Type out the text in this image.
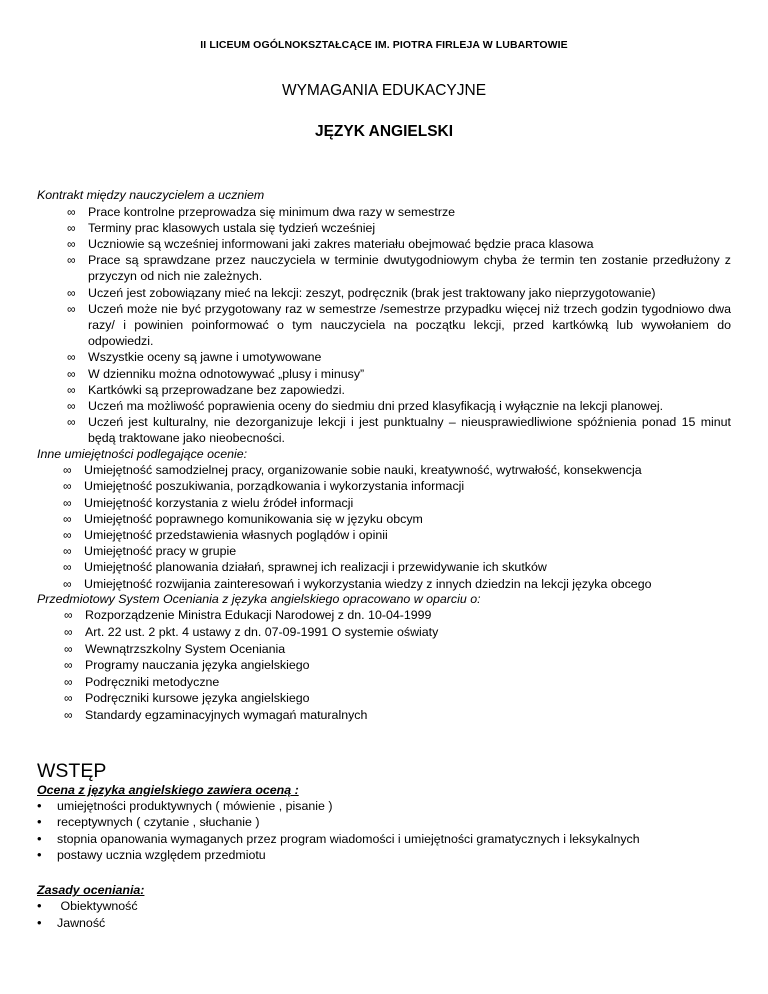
II LICEUM OGÓLNOKSZTAŁCĄCE IM. PIOTRA FIRLEJA W LUBARTOWIE
WYMAGANIA EDUKACYJNE
JĘZYK ANGIELSKI
Kontrakt między nauczycielem a uczniem
∞ Prace kontrolne przeprowadza się minimum dwa razy w semestrze
∞ Terminy prac klasowych ustala się tydzień wcześniej
∞ Uczniowie są wcześniej informowani jaki zakres materiału obejmować będzie praca klasowa
∞ Prace są sprawdzane przez nauczyciela w terminie dwutygodniowym chyba że termin ten zostanie przedłużony z przyczyn od nich nie zależnych.
∞ Uczeń jest zobowiązany mieć na lekcji: zeszyt, podręcznik (brak jest traktowany jako nieprzygotowanie)
∞ Uczeń może nie być przygotowany raz w semestrze /semestrze przypadku więcej niż trzech godzin tygodniowo dwa razy/ i powinien poinformować o tym nauczyciela na początku lekcji, przed kartkówką lub wywołaniem do odpowiedzi.
∞ Wszystkie oceny są jawne i umotywowane
∞ W dzienniku można odnotowywać „plusy i minusy”
∞ Kartkówki są przeprowadzane bez zapowiedzi.
∞ Uczeń ma możliwość poprawienia oceny do siedmiu dni przed klasyfikacją i wyłącznie na lekcji planowej.
∞ Uczeń jest kulturalny, nie dezorganizuje lekcji i jest punktualny – nieusprawiedliwione spóźnienia ponad 15 minut będą traktowane jako nieobecności.
Inne umiejętności podlegające ocenie:
∞ Umiejętność samodzielnej pracy, organizowanie sobie nauki, kreatywność, wytrwałość, konsekwencja
∞ Umiejętność poszukiwania, porządkowania i wykorzystania informacji
∞ Umiejętność korzystania z wielu źródeł informacji
∞ Umiejętność poprawnego komunikowania się w języku obcym
∞ Umiejętność przedstawienia własnych poglądów i opinii
∞ Umiejętność pracy w grupie
∞ Umiejętność planowania działań, sprawnej ich realizacji i przewidywanie ich skutków
∞ Umiejętność rozwijania zainteresowań i wykorzystania wiedzy z innych dziedzin na lekcji języka obcego
Przedmiotowy System Oceniania z języka angielskiego opracowano w oparciu o:
∞ Rozporządzenie Ministra Edukacji Narodowej z dn. 10-04-1999
∞ Art. 22 ust. 2 pkt. 4 ustawy z dn. 07-09-1991 O systemie oświaty
∞ Wewnątrzszkolny System Oceniania
∞ Programy nauczania języka angielskiego
∞ Podręczniki metodyczne
∞ Podręczniki kursowe języka angielskiego
∞ Standardy egzaminacyjnych wymagań maturalnych
WSTĘP
Ocena z języka angielskiego zawiera oceną :
• umiejętności produktywnych ( mówienie , pisanie )
• receptywnych ( czytanie , słuchanie )
• stopnia opanowania wymaganych przez program wiadomości i umiejętności gramatycznych i leksykalnych
• postawy ucznia względem przedmiotu
Zasady oceniania:
• Obiektywność
• Jawność
